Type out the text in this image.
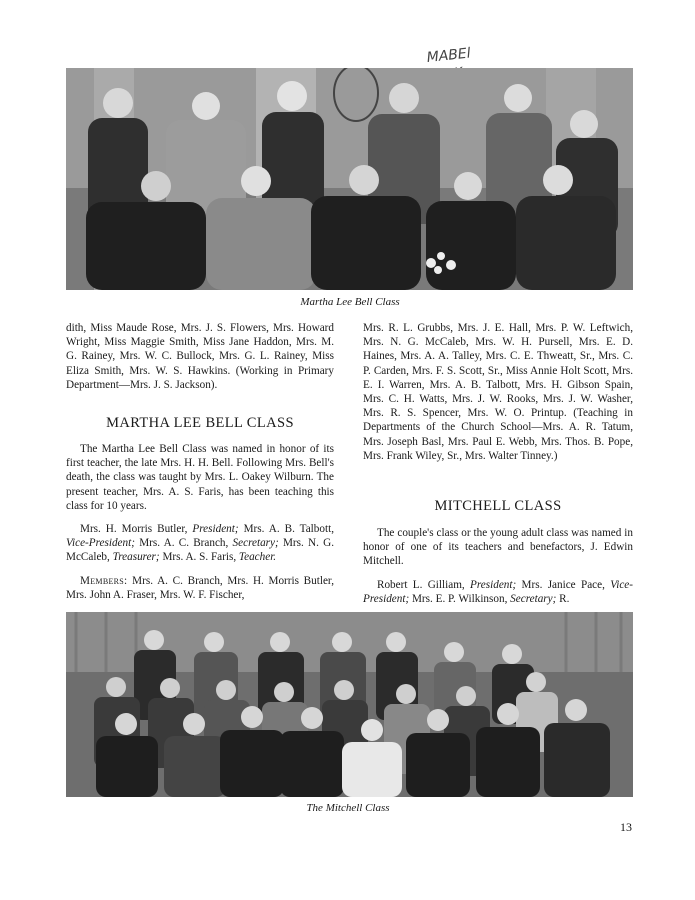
MABEl
Martha Lee Bell Class

dith, Miss Maude Rose, Mrs. J. S. Flowers, Mrs. Howard Wright, Miss Maggie Smith, Miss Jane Haddon, Mrs. M. G. Rainey, Mrs. W. C. Bullock, Mrs. G. L. Rainey, Miss Eliza Smith, Mrs. W. S. Hawkins. (Working in Primary Department—Mrs. J. S. Jackson).

MARTHA LEE BELL CLASS

The Martha Lee Bell Class was named in honor of its first teacher, the late Mrs. H. H. Bell. Following Mrs. Bell's death, the class was taught by Mrs. L. Oakey Wilburn. The present teacher, Mrs. A. S. Faris, has been teaching this class for 10 years.

Mrs. H. Morris Butler, President; Mrs. A. B. Talbott, Vice-President; Mrs. A. C. Branch, Secretary; Mrs. N. G. McCaleb, Treasurer; Mrs. A. S. Faris, Teacher.

Members: Mrs. A. C. Branch, Mrs. H. Morris Butler, Mrs. John A. Fraser, Mrs. W. F. Fischer,

Mrs. R. L. Grubbs, Mrs. J. E. Hall, Mrs. P. W. Leftwich, Mrs. N. G. McCaleb, Mrs. W. H. Pursell, Mrs. E. D. Haines, Mrs. A. A. Talley, Mrs. C. E. Thweatt, Sr., Mrs. C. P. Carden, Mrs. F. S. Scott, Sr., Miss Annie Holt Scott, Mrs. E. I. Warren, Mrs. A. B. Talbott, Mrs. H. Gibson Spain, Mrs. C. H. Watts, Mrs. J. W. Rooks, Mrs. J. W. Washer, Mrs. R. S. Spencer, Mrs. W. O. Printup. (Teaching in Departments of the Church School—Mrs. A. R. Tatum, Mrs. Joseph Basl, Mrs. Paul E. Webb, Mrs. Thos. B. Pope, Mrs. Frank Wiley, Sr., Mrs. Walter Tinney.)

MITCHELL CLASS

The couple's class or the young adult class was named in honor of one of its teachers and benefactors, J. Edwin Mitchell.

Robert L. Gilliam, President; Mrs. Janice Pace, Vice-President; Mrs. E. P. Wilkinson, Secretary; R.

The Mitchell Class
13
